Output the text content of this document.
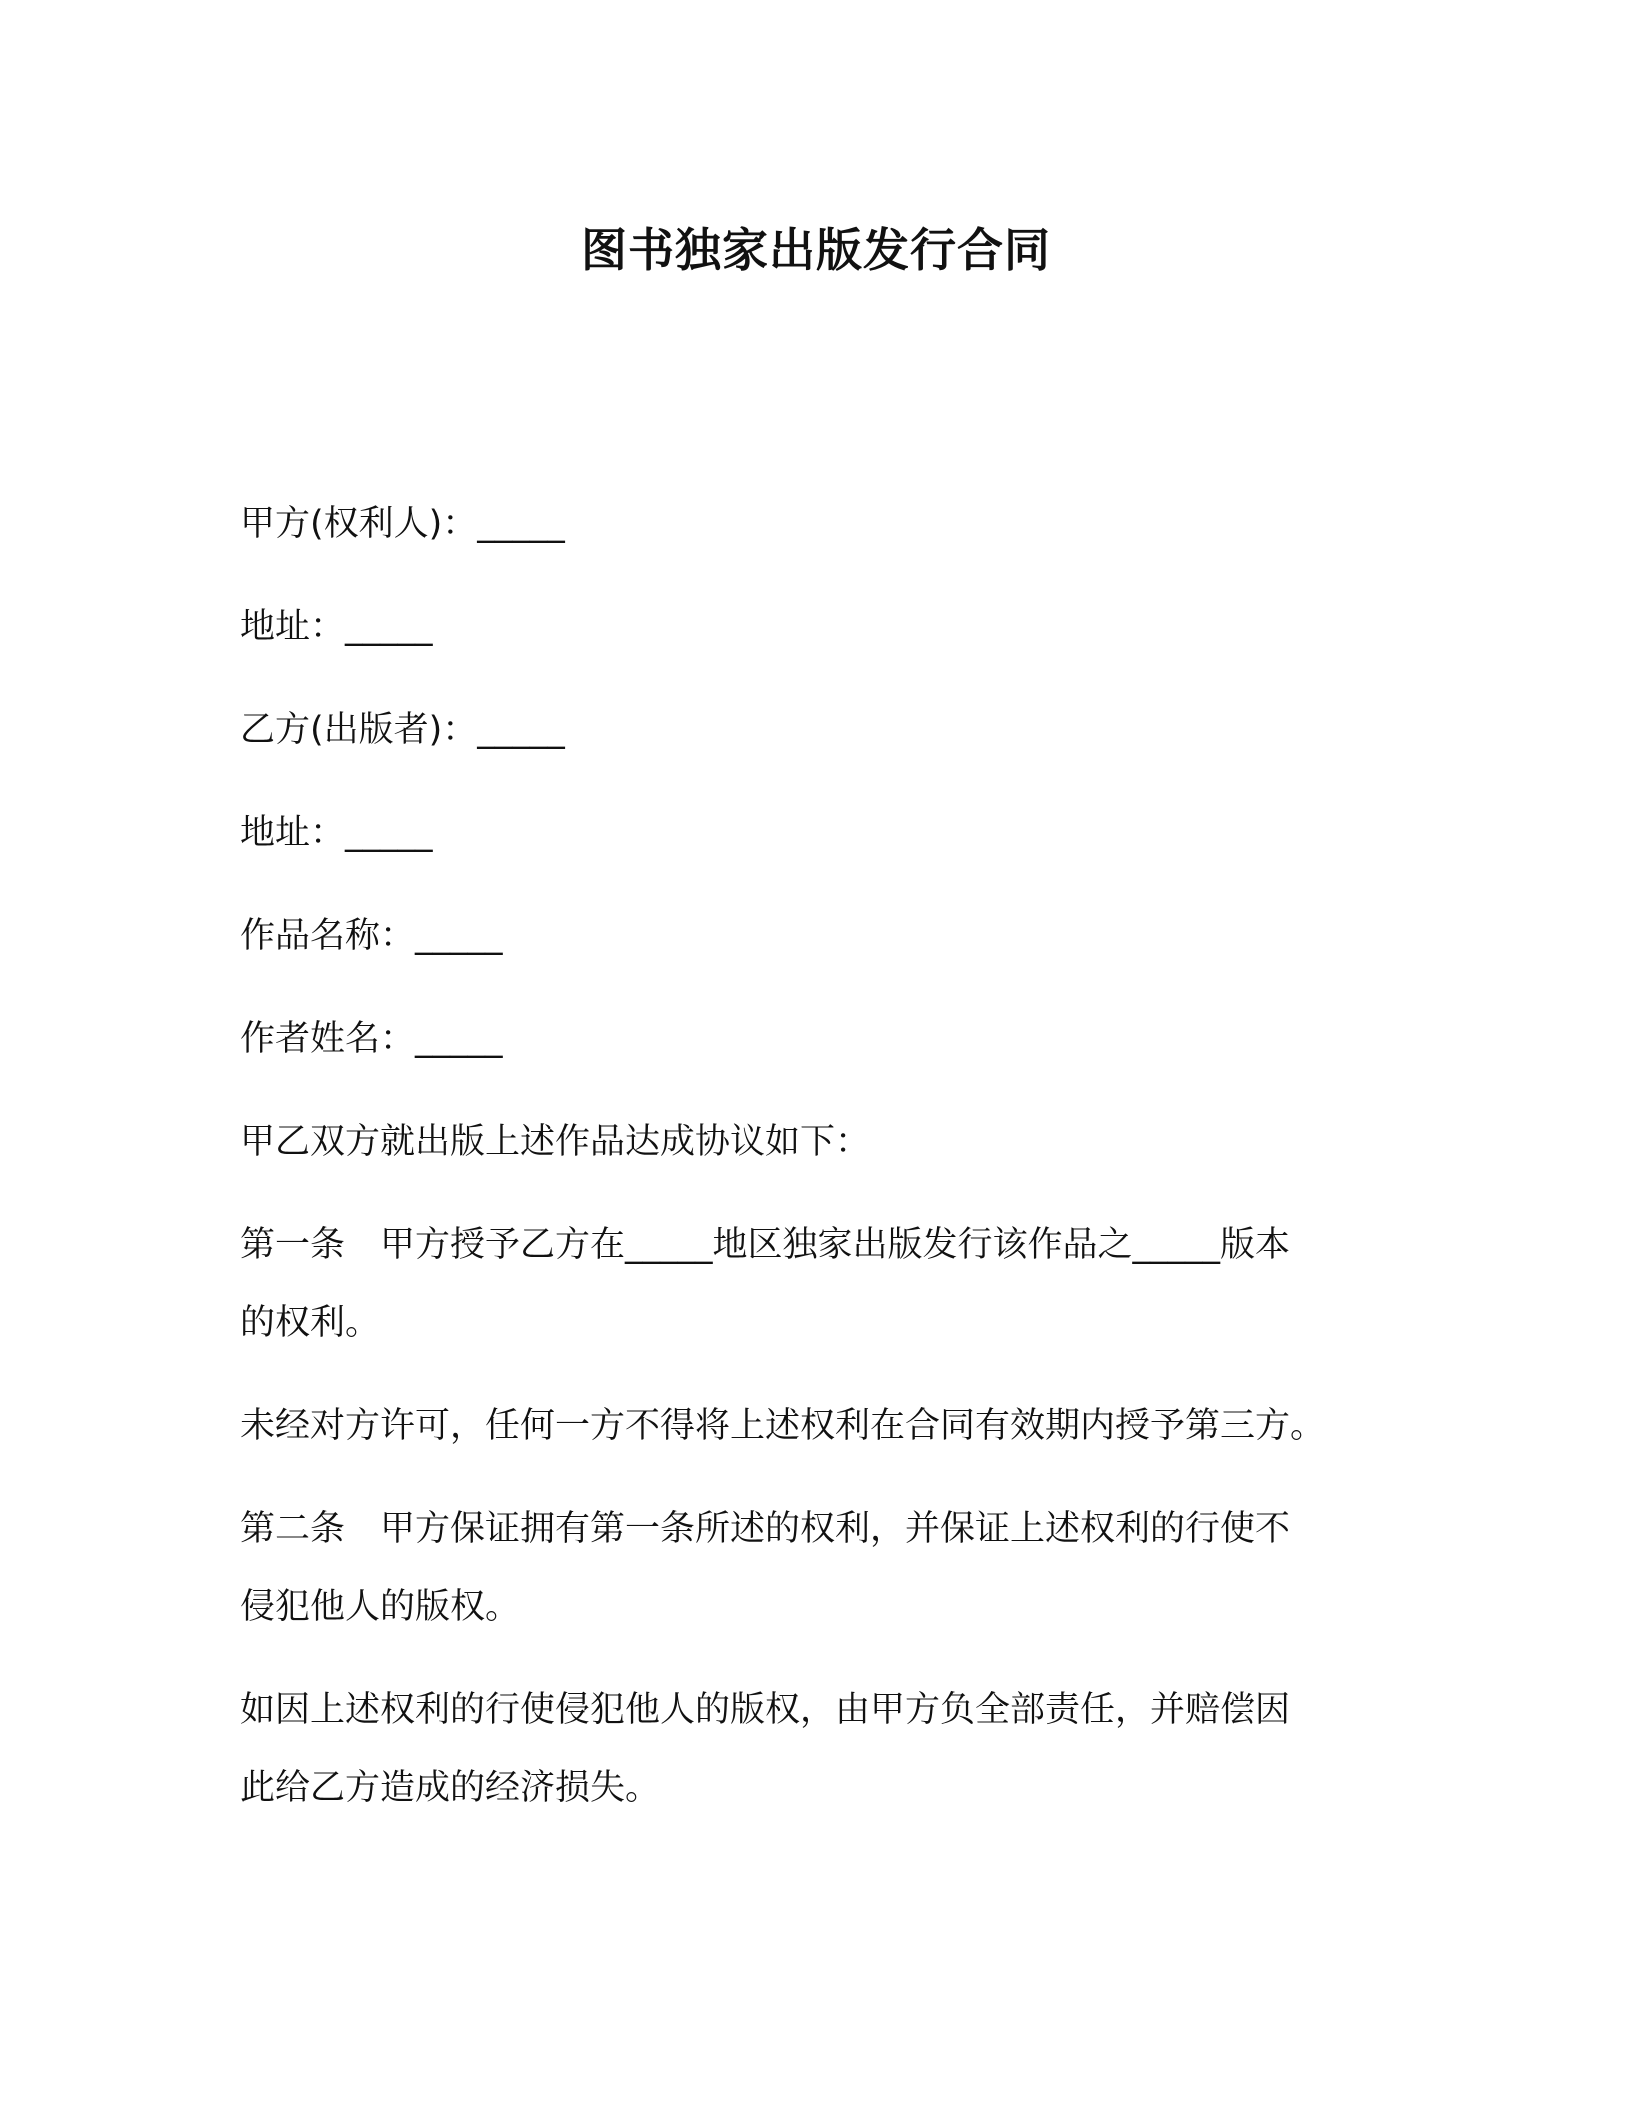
图书独家出版发行合同
甲方(权利人)：_____
地址：_____
乙方(出版者)：_____
地址：_____
作品名称：_____
作者姓名：_____
甲乙双方就出版上述作品达成协议如下：
第一条　甲方授予乙方在_____地区独家出版发行该作品之_____版本
的权利。
未经对方许可，任何一方不得将上述权利在合同有效期内授予第三方。
第二条　甲方保证拥有第一条所述的权利，并保证上述权利的行使不
侵犯他人的版权。
如因上述权利的行使侵犯他人的版权，由甲方负全部责任，并赔偿因
此给乙方造成的经济损失。
